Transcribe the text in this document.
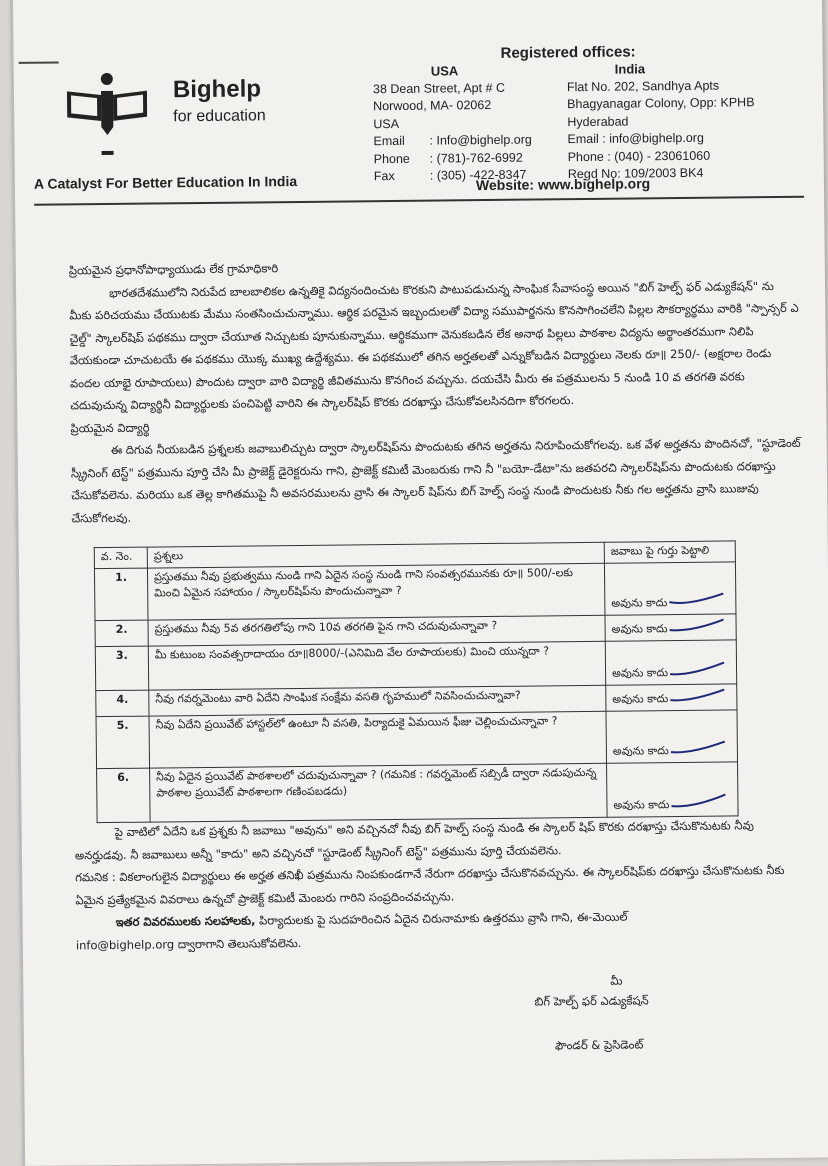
Bighelp
for education
A Catalyst For Better Education In India
Registered offices:
USA
38 Dean Street, Apt # C
Norwood, MA- 02062
USA
Email	: Info@bighelp.org
Phone	: (781)-762-6992
Fax	: (305) -422-8347
India
Flat No. 202, Sandhya Apts
Bhagyanagar Colony, Opp: KPHB
Hyderabad
Email : info@bighelp.org
Phone : (040) - 23061060
Regd No: 109/2003 BK4
Website: www.bighelp.org

ప్రియమైన ప్రధానోపాధ్యాయుడు లేక గ్రామాధికారి

భారతదేశములోని నిరుపేద బాలబాలికల ఉన్నతికై విద్యనందించుట కొరకుని పాటుపడుచున్న సాంఘిక సేవాసంస్థ అయిన "బిగ్ హెల్ప్ ఫర్ ఎడ్యుకేషన్" ను మీకు పరిచయము చేయుటకు మేము సంతసించుచున్నాము. ఆర్థిక పరమైన ఇబ్బందులతో విద్యా సముపార్జనను కొనసాగించలేని పిల్లల సౌకర్యార్థము వారికి "స్పాన్సర్ ఎ చైల్డ్" స్కాలర్‌షిప్ పథకము ద్వారా చేయూత నిచ్చుటకు పూనుకున్నాము. ఆర్థికముగా వెనుకబడిన లేక అనాథ పిల్లలు పాఠశాల విద్యను అర్థాంతరముగా నిలిపి వేయకుండా చూచుటయే ఈ పథకము యొక్క ముఖ్య ఉద్దేశ్యము. ఈ పథకములో తగిన అర్హతలతో ఎన్నుకోబడిన విద్యార్థులు నెలకు రూ॥ 250/- (అక్షరాల రెండు వందల యాభై రూపాయలు) పొందుట ద్వారా వారి విద్యార్థి జీవితమును కొనగించ వచ్చును. దయచేసి మీరు ఈ పత్రములను 5 నుండి 10 వ తరగతి వరకు చదువుచున్న విద్యార్థినీ విద్యార్థులకు పంచిపెట్టి వారిని ఈ స్కాలర్‌షిప్ కొరకు దరఖాస్తు చేసుకోవలసినదిగా కోరగలరు.

ప్రియమైన విద్యార్థి

ఈ దిగువ నీయబడిన ప్రశ్నలకు జవాబులిచ్చుట ద్వారా స్కాలర్‌షిప్‌ను పొందుటకు తగిన అర్హతను నిరూపించుకోగలవు. ఒక వేళ అర్హతను పొందినచో, "స్టూడెంట్ స్క్రీనింగ్ టెస్ట్" పత్రమును పూర్తి చేసి మీ ప్రాజెక్ట్ డైరెక్టరును గాని, ప్రాజెక్ట్ కమిటీ మెంబరుకు గాని నీ "బయో-డేటా"ను జతపరచి స్కాలర్‌షిప్‌ను పొందుటకు దరఖాస్తు చేసుకోవలెను. మరియు ఒక తెల్ల కాగితముపై నీ అవసరములను వ్రాసి ఈ స్కాలర్ షిప్‌ను బిగ్ హెల్ప్ సంస్థ నుండి పొందుటకు నీకు గల అర్హతను వ్రాసి ఋజువు చేసుకోగలవు.

వ. నెం.	ప్రశ్నలు	జవాబు పై గుర్తు పెట్టాలి
1.	ప్రస్తుతము నీవు ప్రభుత్వము నుండి గాని ఏదైన సంస్థ నుండి గాని సంవత్సరమునకు రూ॥ 500/-లకు మించి ఏమైన సహాయం / స్కాలర్‌షిప్‌ను పొందుచున్నావా ?	అవును కాదు

2.	ప్రస్తుతము నీవు 5వ తరగతిలోపు గాని 10వ తరగతి పైన గాని చదువుచున్నావా ?	అవును కాదు

3.	మీ కుటుంబ సంవత్సరాదాయం రూ॥8000/-(ఎనిమిది వేల రూపాయలకు) మించి యున్నదా ?	అవును కాదు

4.	నీవు గవర్నమెంటు వారి ఏదేని సాంఘిక సంక్షేమ వసతి గృహములో నివసించుచున్నావా?	అవును కాదు

5.	నీవు ఏదేని ప్రయివేట్ హాస్టల్‌లో ఉంటూ నీ వసతి, పిర్యాదుకై ఏమయిన ఫీజు చెల్లించుచున్నావా ?	అవును కాదు

6.	నీవు ఏదైన ప్రయివేట్ పాఠశాలలో చదువుచున్నావా ? (గమనిక : గవర్నమెంట్ సబ్సిడీ ద్వారా నడుపుచున్న పాఠశాల ప్రయివేట్ పాఠశాలగా గణింపబడదు)	అవును కాదు

పై వాటిలో ఏదేని ఒక ప్రశ్నకు నీ జవాబు "అవును" అని వచ్చినచో నీవు బిగ్ హెల్ప్ సంస్థ నుండి ఈ స్కాలర్ షిప్ కొరకు దరఖాస్తు చేసుకొనుటకు నీవు అనర్హుడవు. నీ జవాబులు అన్నీ "కాదు" అని వచ్చినచో "స్టూడెంట్ స్క్రీనింగ్ టెస్ట్" పత్రమును పూర్తి చేయవలెను.

గమనిక : వికలాంగులైన విద్యార్థులు ఈ అర్హత తనిఖీ పత్రమును నింపకుండగానే నేరుగా దరఖాస్తు చేసుకొనవచ్చును. ఈ స్కాలర్‌షిప్‌కు దరఖాస్తు చేసుకొనుటకు నీకు ఏమైన ప్రత్యేకమైన వివరాలు ఉన్నచో ప్రాజెక్ట్ కమిటీ మెంబరు గారిని సంప్రదించవచ్చును.

ఇతర వివరములకు సలహాలకు, పిర్యాదులకు పై సుదహరించిన ఏదైన చిరునామాకు ఉత్తరము వ్రాసి గాని, ఈ-మెయిల్

info@bighelp.org ద్వారాగాని తెలుసుకోవలెను.

మీ
బిగ్ హెల్ప్ ఫర్ ఎడ్యుకేషన్
ఫౌండర్ & ప్రెసిడెంట్
